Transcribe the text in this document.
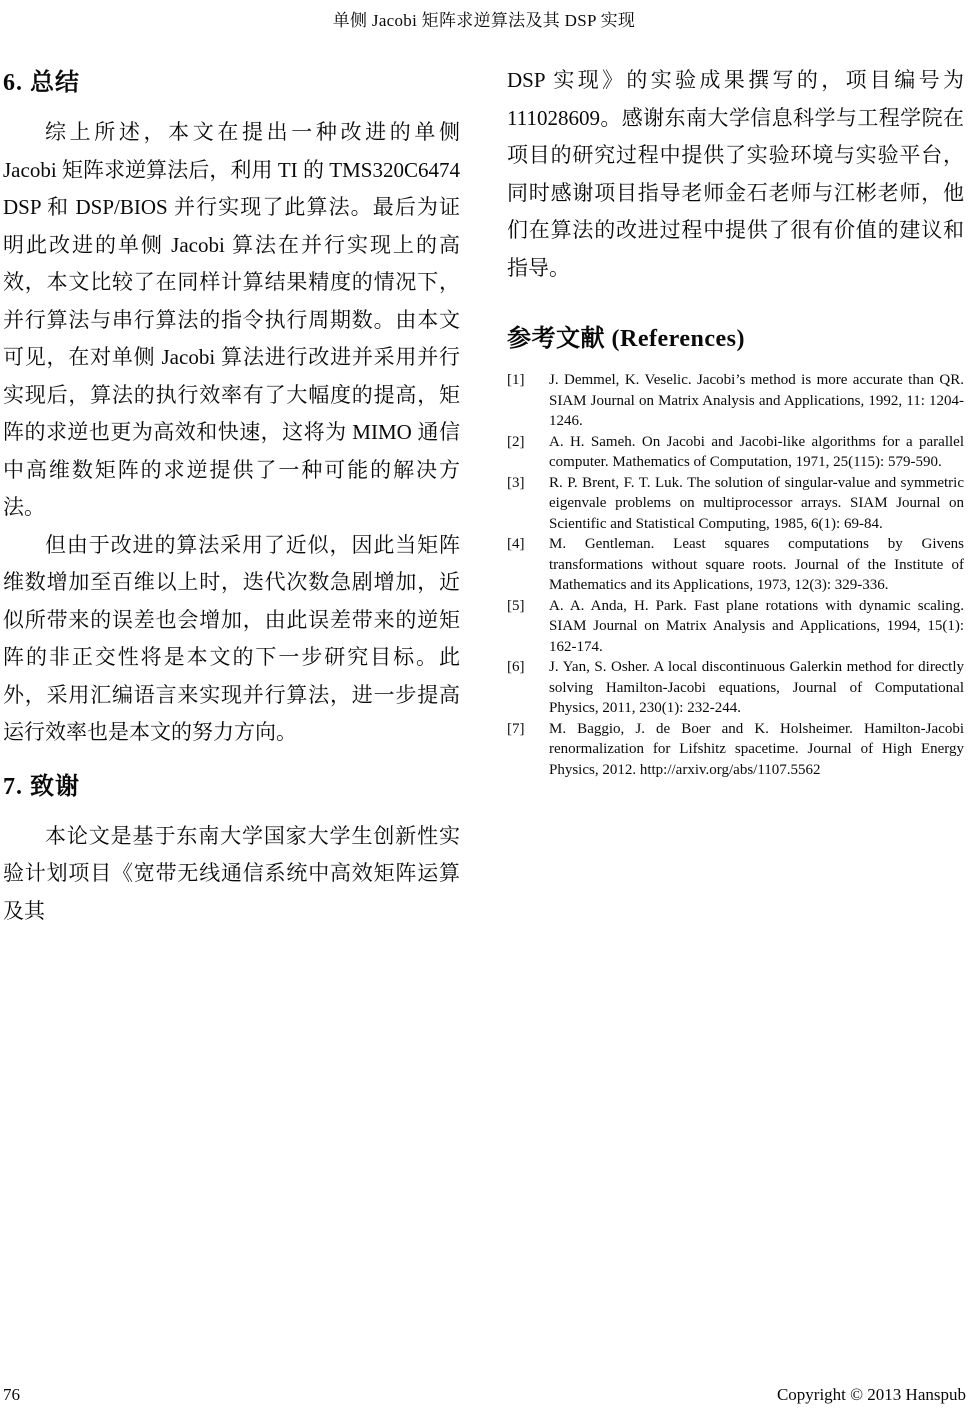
单侧 Jacobi 矩阵求逆算法及其 DSP 实现
6. 总结

综上所述，本文在提出一种改进的单侧 Jacobi 矩阵求逆算法后，利用 TI 的 TMS320C6474 DSP 和 DSP/BIOS 并行实现了此算法。最后为证明此改进的单侧 Jacobi 算法在并行实现上的高效，本文比较了在同样计算结果精度的情况下，并行算法与串行算法的指令执行周期数。由本文可见，在对单侧 Jacobi 算法进行改进并采用并行实现后，算法的执行效率有了大幅度的提高，矩阵的求逆也更为高效和快速，这将为 MIMO 通信中高维数矩阵的求逆提供了一种可能的解决方法。

但由于改进的算法采用了近似，因此当矩阵维数增加至百维以上时，迭代次数急剧增加，近似所带来的误差也会增加，由此误差带来的逆矩阵的非正交性将是本文的下一步研究目标。此外，采用汇编语言来实现并行算法，进一步提高运行效率也是本文的努力方向。

7. 致谢

本论文是基于东南大学国家大学生创新性实验计划项目《宽带无线通信系统中高效矩阵运算及其

DSP 实现》的实验成果撰写的，项目编号为 111028609。感谢东南大学信息科学与工程学院在项目的研究过程中提供了实验环境与实验平台，同时感谢项目指导老师金石老师与江彬老师，他们在算法的改进过程中提供了很有价值的建议和指导。

参考文献 (References)
[1]	J. Demmel, K. Veselic. Jacobi’s method is more accurate than QR. SIAM Journal on Matrix Analysis and Applications, 1992, 11: 1204-1246.
[2]	A. H. Sameh. On Jacobi and Jacobi-like algorithms for a parallel computer. Mathematics of Computation, 1971, 25(115): 579-590.
[3]	R. P. Brent, F. T. Luk. The solution of singular-value and symmetric eigenvale problems on multiprocessor arrays. SIAM Journal on Scientific and Statistical Computing, 1985, 6(1): 69-84.
[4]	M. Gentleman. Least squares computations by Givens transformations without square roots. Journal of the Institute of Mathematics and its Applications, 1973, 12(3): 329-336.
[5]	A. A. Anda, H. Park. Fast plane rotations with dynamic scaling. SIAM Journal on Matrix Analysis and Applications, 1994, 15(1): 162-174.
[6]	J. Yan, S. Osher. A local discontinuous Galerkin method for directly solving Hamilton-Jacobi equations, Journal of Computational Physics, 2011, 230(1): 232-244.
[7]	M. Baggio, J. de Boer and K. Holsheimer. Hamilton-Jacobi renormalization for Lifshitz spacetime. Journal of High Energy Physics, 2012. http://arxiv.org/abs/1107.5562
76	Copyright © 2013 Hanspub
